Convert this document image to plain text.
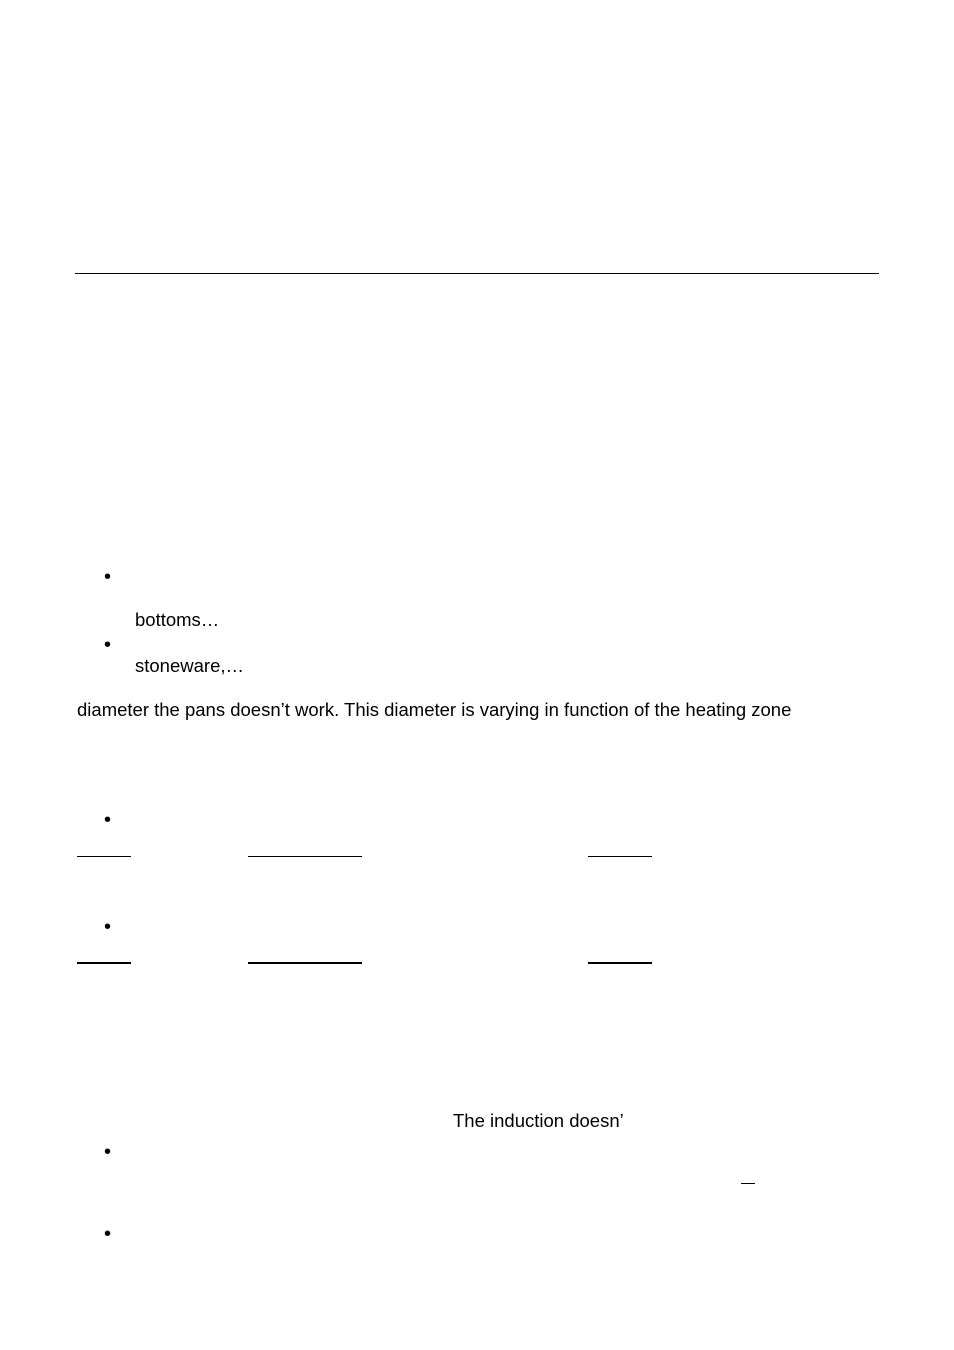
•
bottoms…
•
stoneware,…
diameter the pans doesn’t work. This diameter is varying in function of the heating zone
•
•
The induction doesn’
•
•
